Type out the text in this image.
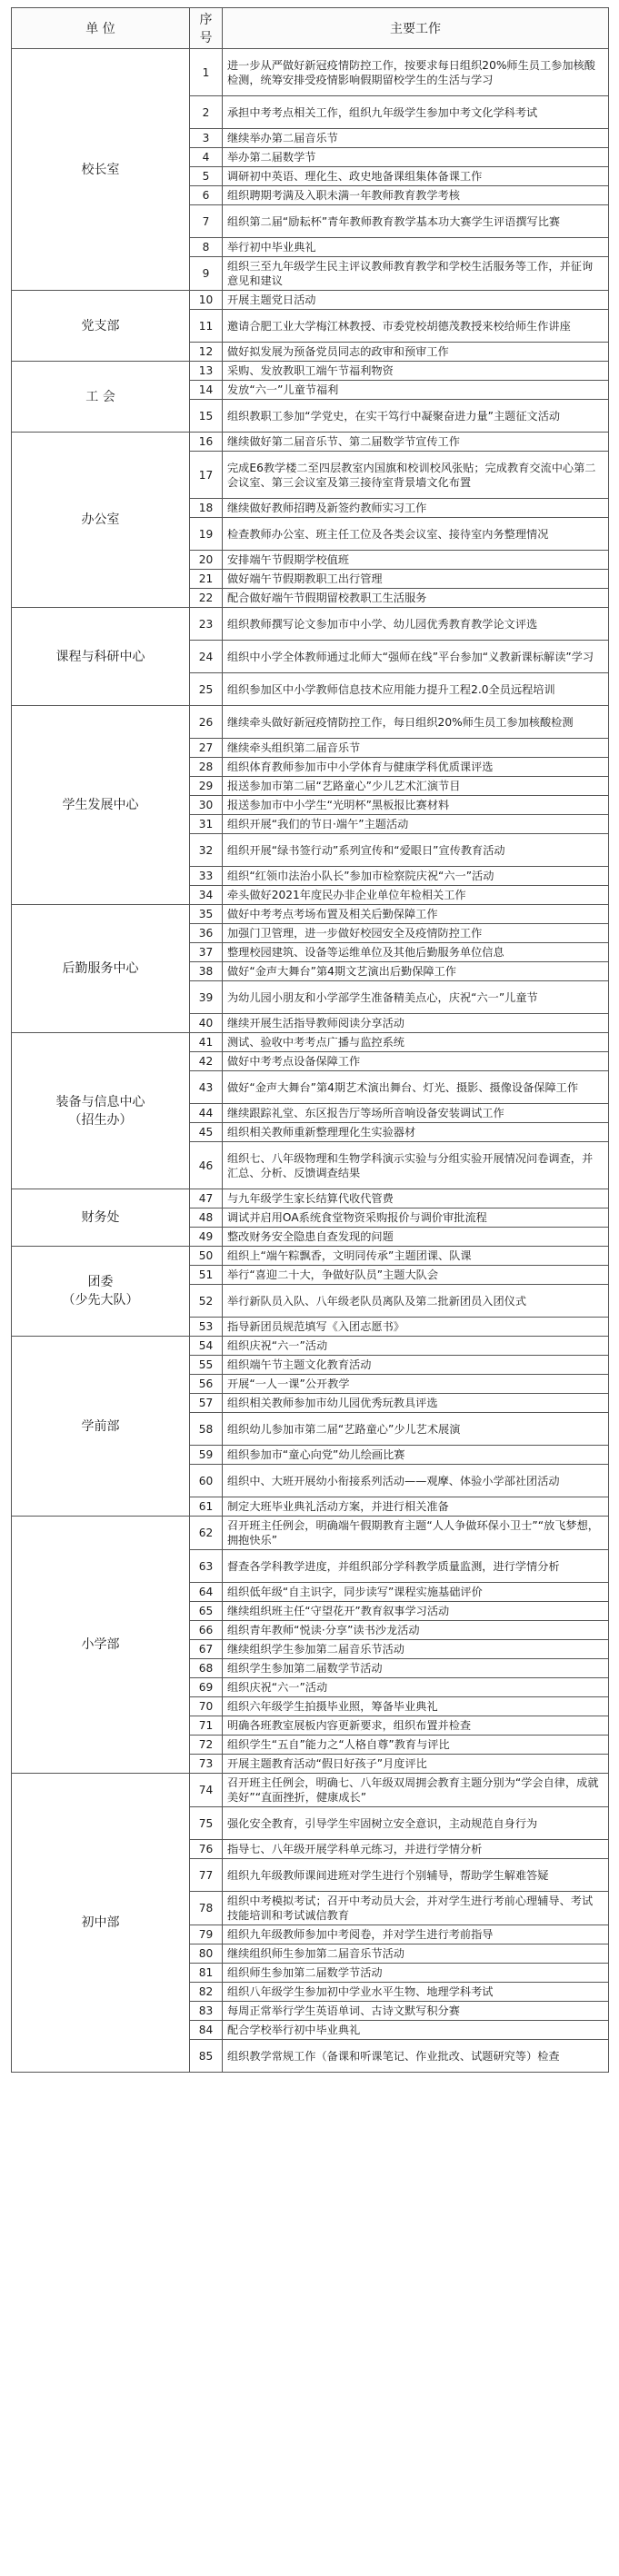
单 位	序号	主要工作

校长室	1	进一步从严做好新冠疫情防控工作，按要求每日组织20%师生员工参加核酸检测，统筹安排受疫情影响假期留校学生的生活与学习
	2	承担中考考点相关工作，组织九年级学生参加中考文化学科考试
	3	继续举办第二届音乐节
	4	举办第二届数学节
	5	调研初中英语、理化生、政史地备课组集体备课工作
	6	组织聘期考满及入职未满一年教师教育教学考核
	7	组织第二届“励耘杯”青年教师教育教学基本功大赛学生评语撰写比赛
	8	举行初中毕业典礼
	9	组织三至九年级学生民主评议教师教育教学和学校生活服务等工作，并征询意见和建议

党支部	10	开展主题党日活动
	11	邀请合肥工业大学梅江林教授、市委党校胡德茂教授来校给师生作讲座
	12	做好拟发展为预备党员同志的政审和预审工作

工 会	13	采购、发放教职工端午节福利物资
	14	发放“六一”儿童节福利
	15	组织教职工参加“学党史，在实干笃行中凝聚奋进力量”主题征文活动

办公室	16	继续做好第二届音乐节、第二届数学节宣传工作
	17	完成E6教学楼二至四层教室内国旗和校训校风张贴；完成教育交流中心第二会议室、第三会议室及第三接待室背景墙文化布置
	18	继续做好教师招聘及新签约教师实习工作
	19	检查教师办公室、班主任工位及各类会议室、接待室内务整理情况
	20	安排端午节假期学校值班
	21	做好端午节假期教职工出行管理
	22	配合做好端午节假期留校教职工生活服务

课程与科研中心	23	组织教师撰写论文参加市中小学、幼儿园优秀教育教学论文评选
	24	组织中小学全体教师通过北师大“强师在线”平台参加“义教新课标解读”学习
	25	组织参加区中小学教师信息技术应用能力提升工程2.0全员远程培训

学生发展中心	26	继续牵头做好新冠疫情防控工作，每日组织20%师生员工参加核酸检测
	27	继续牵头组织第二届音乐节
	28	组织体育教师参加市中小学体育与健康学科优质课评选
	29	报送参加市第二届“艺路童心”少儿艺术汇演节目
	30	报送参加市中小学生“光明杯”黑板报比赛材料
	31	组织开展“我们的节日·端午”主题活动
	32	组织开展“绿书签行动”系列宣传和“爱眼日”宣传教育活动
	33	组织“红领巾法治小队长”参加市检察院庆祝“六一”活动
	34	牵头做好2021年度民办非企业单位年检相关工作

后勤服务中心	35	做好中考考点考场布置及相关后勤保障工作
	36	加强门卫管理，进一步做好校园安全及疫情防控工作
	37	整理校园建筑、设备等运维单位及其他后勤服务单位信息
	38	做好“金声大舞台”第4期文艺演出后勤保障工作
	39	为幼儿园小朋友和小学部学生准备精美点心，庆祝“六一”儿童节
	40	继续开展生活指导教师阅读分享活动

装备与信息中心
（招生办）	41	测试、验收中考考点广播与监控系统
	42	做好中考考点设备保障工作
	43	做好“金声大舞台”第4期艺术演出舞台、灯光、摄影、摄像设备保障工作
	44	继续跟踪礼堂、东区报告厅等场所音响设备安装调试工作
	45	组织相关教师重新整理理化生实验器材
	46	组织七、八年级物理和生物学科演示实验与分组实验开展情况问卷调查，并汇总、分析、反馈调查结果

财务处	47	与九年级学生家长结算代收代管费
	48	调试并启用OA系统食堂物资采购报价与调价审批流程
	49	整改财务安全隐患自查发现的问题

团委
（少先大队）	50	组织上“端午粽飘香，文明同传承”主题团课、队课
	51	举行“喜迎二十大，争做好队员”主题大队会
	52	举行新队员入队、八年级老队员离队及第二批新团员入团仪式
	53	指导新团员规范填写《入团志愿书》

学前部	54	组织庆祝“六一”活动
	55	组织端午节主题文化教育活动
	56	开展“一人一课”公开教学
	57	组织相关教师参加市幼儿园优秀玩教具评选
	58	组织幼儿参加市第二届“艺路童心”少儿艺术展演
	59	组织参加市“童心向党”幼儿绘画比赛
	60	组织中、大班开展幼小衔接系列活动——观摩、体验小学部社团活动
	61	制定大班毕业典礼活动方案，并进行相关准备

小学部	62	召开班主任例会，明确端午假期教育主题“人人争做环保小卫士”“放飞梦想，拥抱快乐”
	63	督查各学科教学进度，并组织部分学科教学质量监测，进行学情分析
	64	组织低年级“自主识字，同步读写”课程实施基础评价
	65	继续组织班主任“守望花开”教育叙事学习活动
	66	组织青年教师“悦读·分享”读书沙龙活动
	67	继续组织学生参加第二届音乐节活动
	68	组织学生参加第二届数学节活动
	69	组织庆祝“六一”活动
	70	组织六年级学生拍摄毕业照，筹备毕业典礼
	71	明确各班教室展板内容更新要求，组织布置并检查
	72	组织学生“五自”能力之“人格自尊”教育与评比
	73	开展主题教育活动“假日好孩子”月度评比

初中部	74	召开班主任例会，明确七、八年级双周拥会教育主题分别为“学会自律，成就美好”“直面挫折，健康成长”
	75	强化安全教育，引导学生牢固树立安全意识，主动规范自身行为
	76	指导七、八年级开展学科单元练习，并进行学情分析
	77	组织九年级教师课间进班对学生进行个别辅导，帮助学生解难答疑
	78	组织中考模拟考试；召开中考动员大会，并对学生进行考前心理辅导、考试技能培训和考试诚信教育
	79	组织九年级教师参加中考阅卷，并对学生进行考前指导
	80	继续组织师生参加第二届音乐节活动
	81	组织师生参加第二届数学节活动
	82	组织八年级学生参加初中学业水平生物、地理学科考试
	83	每周正常举行学生英语单词、古诗文默写积分赛
	84	配合学校举行初中毕业典礼
	85	组织教学常规工作（备课和听课笔记、作业批改、试题研究等）检查
